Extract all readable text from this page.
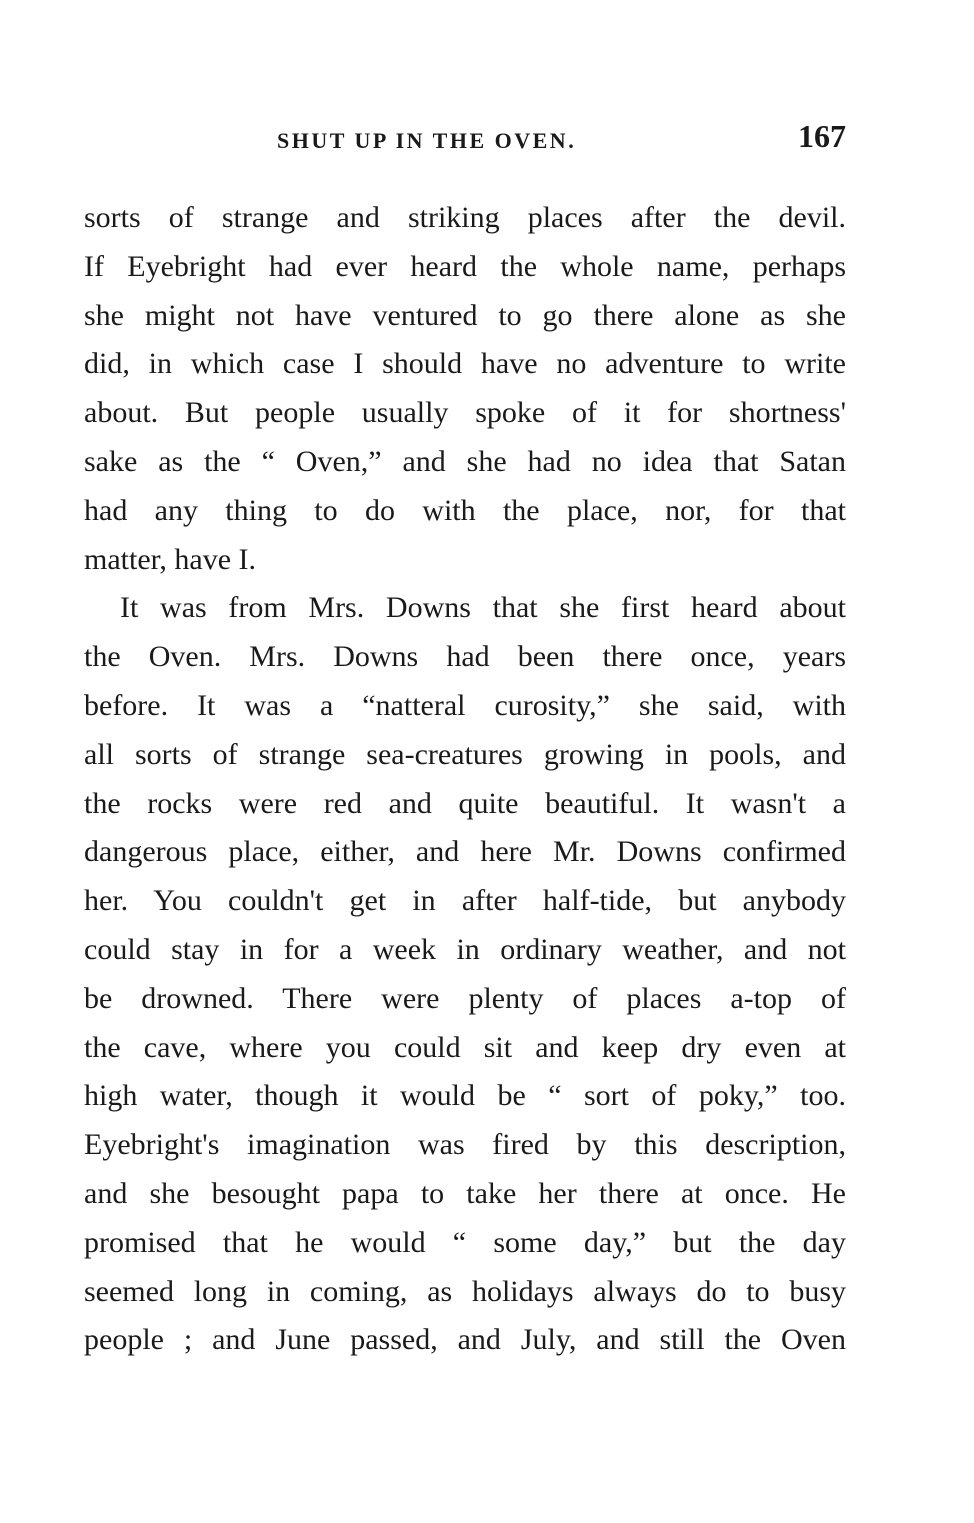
SHUT UP IN THE OVEN.	167
sorts of strange and striking places after the devil.
If Eyebright had ever heard the whole name, perhaps
she might not have ventured to go there alone as she
did, in which case I should have no adventure to write
about. But people usually spoke of it for shortness'
sake as the “ Oven,” and she had no idea that Satan
had any thing to do with the place, nor, for that
matter, have I.
It was from Mrs. Downs that she first heard about
the Oven. Mrs. Downs had been there once, years
before. It was a “natteral curosity,” she said, with
all sorts of strange sea-creatures growing in pools, and
the rocks were red and quite beautiful. It wasn't a
dangerous place, either, and here Mr. Downs confirmed
her. You couldn't get in after half-tide, but anybody
could stay in for a week in ordinary weather, and not
be drowned. There were plenty of places a-top of
the cave, where you could sit and keep dry even at
high water, though it would be “ sort of poky,” too.
Eyebright's imagination was fired by this description,
and she besought papa to take her there at once. He
promised that he would “ some day,” but the day
seemed long in coming, as holidays always do to busy
people ; and June passed, and July, and still the Oven
